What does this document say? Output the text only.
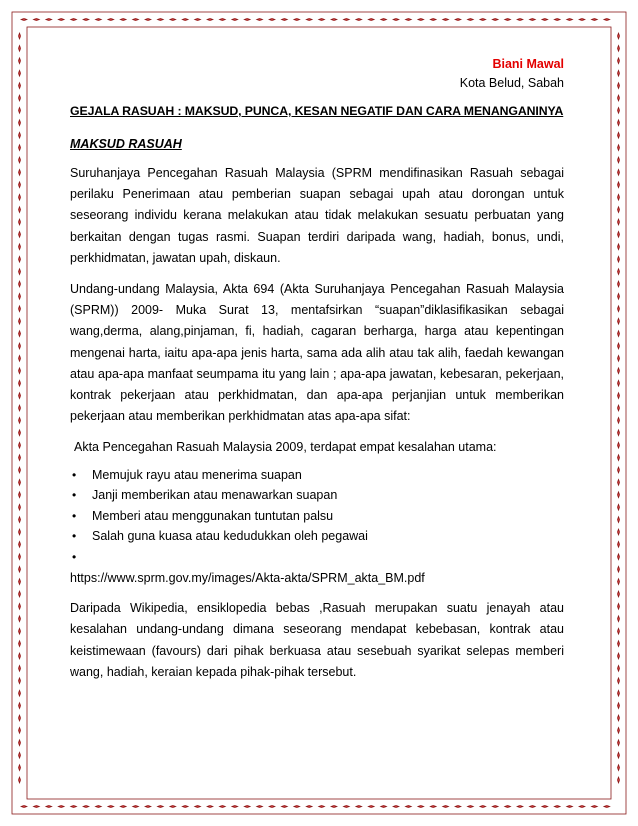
Biani Mawal
Kota Belud, Sabah
GEJALA RASUAH : MAKSUD, PUNCA, KESAN NEGATIF DAN CARA MENANGANINYA
MAKSUD RASUAH

Suruhanjaya Pencegahan Rasuah Malaysia (SPRM mendifinasikan Rasuah sebagai perilaku Penerimaan atau pemberian suapan sebagai upah atau dorongan untuk seseorang individu kerana melakukan atau tidak melakukan sesuatu perbuatan yang berkaitan dengan tugas rasmi. Suapan terdiri daripada wang, hadiah, bonus, undi, perkhidmatan, jawatan upah, diskaun.

Undang-undang Malaysia, Akta 694 (Akta Suruhanjaya Pencegahan Rasuah Malaysia (SPRM)) 2009- Muka Surat 13, mentafsirkan “suapan”diklasifikasikan sebagai wang,derma, alang,pinjaman, fi, hadiah, cagaran berharga, harga atau kepentingan mengenai harta, iaitu apa-apa jenis harta, sama ada alih atau tak alih, faedah kewangan atau apa-apa manfaat seumpama itu yang lain ; apa-apa jawatan, kebesaran, pekerjaan, kontrak pekerjaan atau perkhidmatan, dan apa-apa perjanjian untuk memberikan pekerjaan atau memberikan perkhidmatan atas apa-apa sifat:

Akta Pencegahan Rasuah Malaysia 2009, terdapat empat kesalahan utama:

• Memujuk rayu atau menerima suapan
• Janji memberikan atau menawarkan suapan
• Memberi atau menggunakan tuntutan palsu
• Salah guna kuasa atau kedudukkan oleh pegawai
•

https://www.sprm.gov.my/images/Akta-akta/SPRM_akta_BM.pdf

Daripada Wikipedia, ensiklopedia bebas ,Rasuah merupakan suatu jenayah atau kesalahan undang-undang dimana seseorang mendapat kebebasan, kontrak atau keistimewaan (favours) dari pihak berkuasa atau sesebuah syarikat selepas memberi wang, hadiah, keraian kepada pihak-pihak tersebut.
